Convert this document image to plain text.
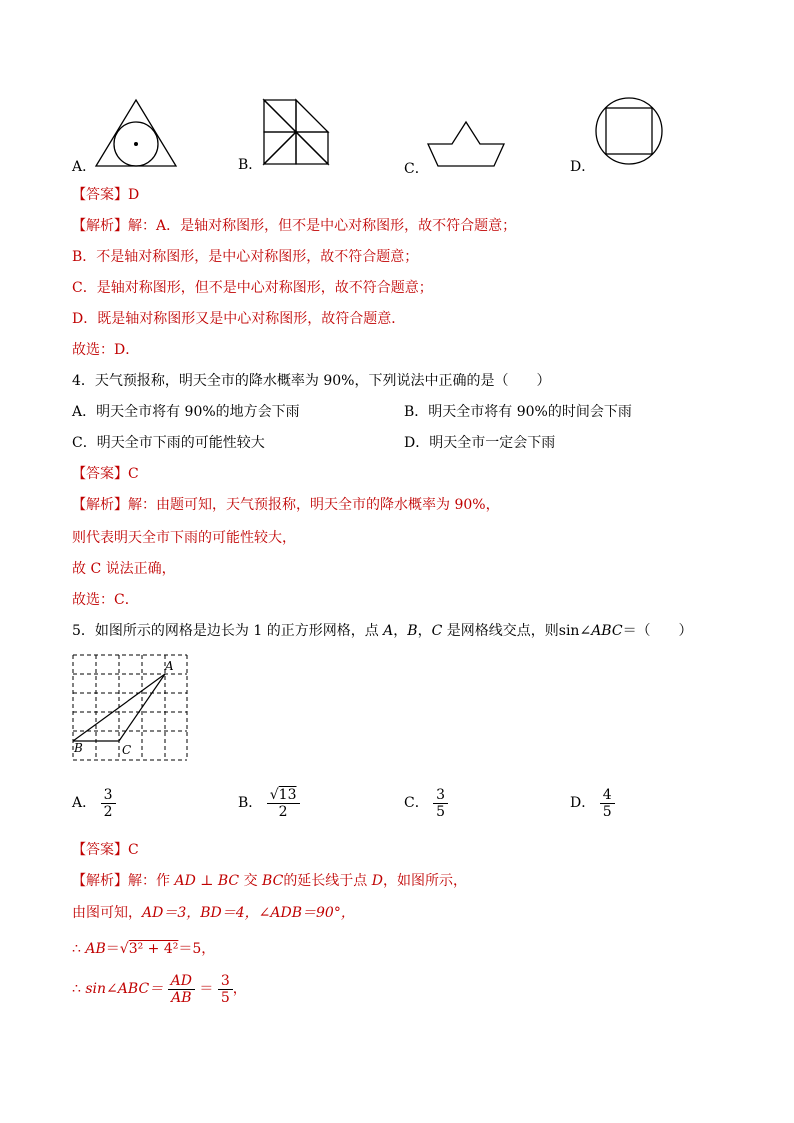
A．	B．	C．	D．
【答案】D
【解析】解：A．是轴对称图形，但不是中心对称图形，故不符合题意；
B．不是轴对称图形，是中心对称图形，故不符合题意；
C．是轴对称图形，但不是中心对称图形，故不符合题意；
D．既是轴对称图形又是中心对称图形，故符合题意．
故选：D．
4．天气预报称，明天全市的降水概率为 90%，下列说法中正确的是（　　）
A．明天全市将有 90%的地方会下雨	B．明天全市将有 90%的时间会下雨
C．明天全市下雨的可能性较大	D．明天全市一定会下雨
【答案】C
【解析】解：由题可知，天气预报称，明天全市的降水概率为 90%，
则代表明天全市下雨的可能性较大，
故 C 说法正确，
故选：C．
5．如图所示的网格是边长为 1 的正方形网格，点 A，B，C 是网格线交点，则sin∠ABC＝（　　）
A
B	C
A． $\frac{3}{2}$	B． $\frac{√13}{2}$	C． $\frac{3}{5}$	D． $\frac{4}{5}$
【答案】C
【解析】解：作 AD ⊥ BC 交 BC的延长线于点 D，如图所示，
由图可知，AD＝3，BD＝4，∠ADB＝90°，
∴ AB＝√3² + 4²＝5，
∴ sin∠ABC＝ $\frac{AD}{AB} = \frac{3}{5}$ ，
